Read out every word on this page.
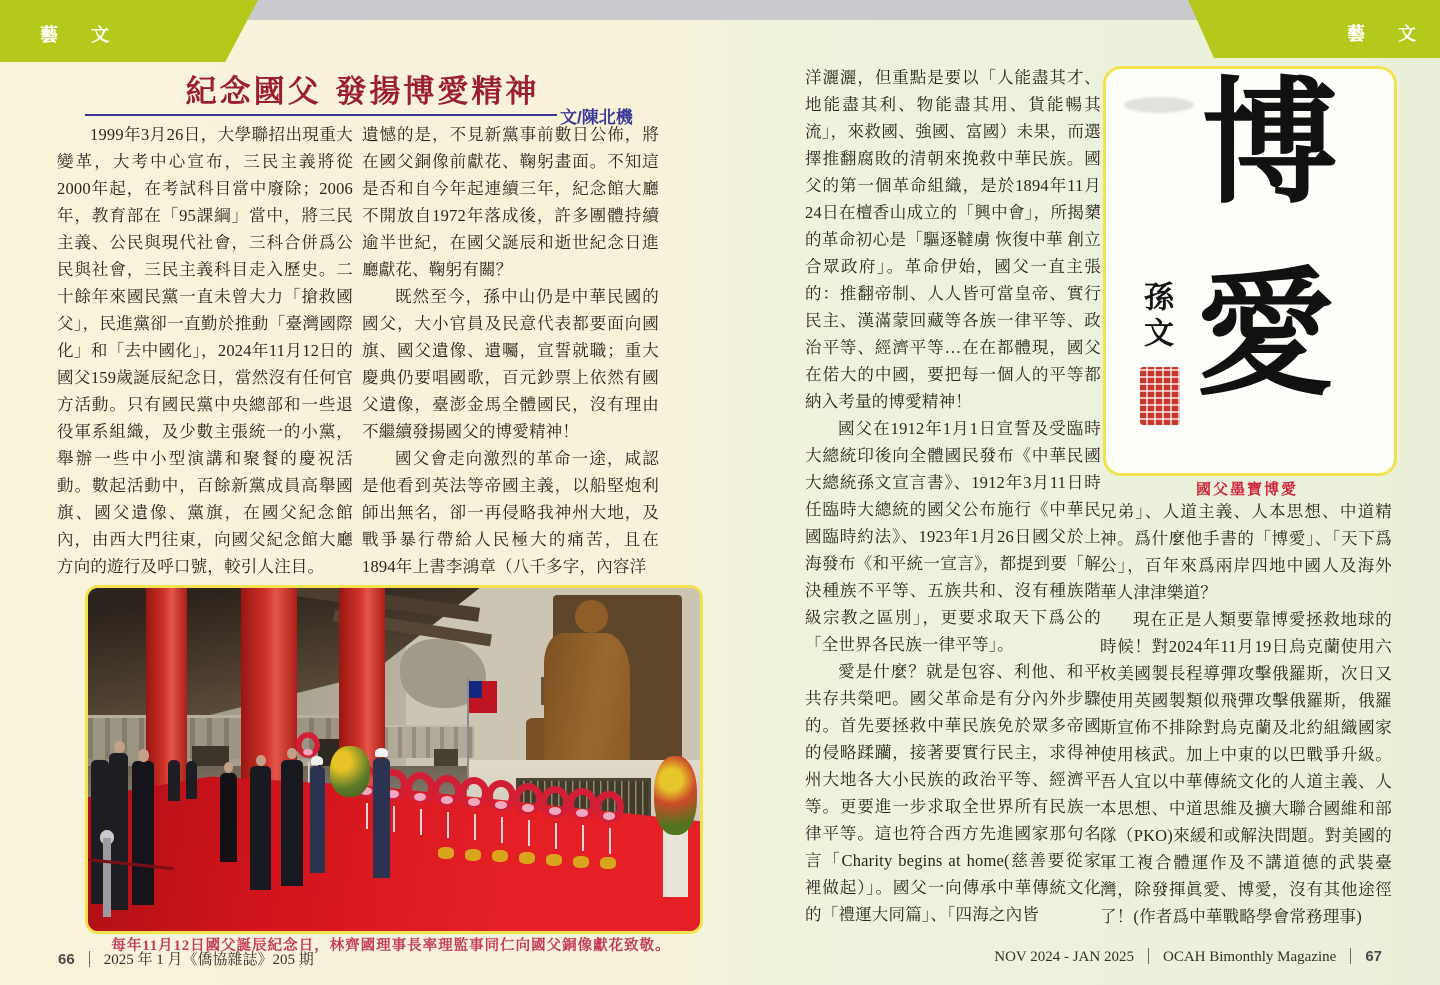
藝 文	藝 文
紀念國父 發揚博愛精神
文/陳北機

1999年3月26日，大學聯招出現重大變革，大考中心宣布，三民主義將從2000年起，在考試科目當中廢除；2006年，教育部在「95課綱」當中，將三民主義、公民與現代社會，三科合併爲公民與社會，三民主義科目走入歷史。二十餘年來國民黨一直未曾大力「搶救國父」，民進黨卻一直勤於推動「臺灣國際化」和「去中國化」，2024年11月12日的國父159歲誕辰紀念日，當然沒有任何官方活動。只有國民黨中央總部和一些退役軍系組織，及少數主張統一的小黨，舉辦一些中小型演講和聚餐的慶祝活動。數起活動中，百餘新黨成員高舉國旗、國父遺像、黨旗，在國父紀念館內，由西大門往東，向國父紀念館大廳方向的遊行及呼口號，較引人注目。

遺憾的是，不見新黨事前數日公佈，將在國父銅像前獻花、鞠躬畫面。不知這是否和自今年起連續三年，紀念館大廳不開放自1972年落成後，許多團體持續逾半世紀，在國父誕辰和逝世紀念日進廳獻花、鞠躬有關？

既然至今，孫中山仍是中華民國的國父，大小官員及民意代表都要面向國旗、國父遺像、遺囑，宣誓就職；重大慶典仍要唱國歌，百元鈔票上依然有國父遺像，臺澎金馬全體國民，沒有理由不繼續發揚國父的博愛精神！

國父會走向激烈的革命一途，咸認是他看到英法等帝國主義，以船堅炮利師出無名，卻一再侵略我神州大地，及戰爭暴行帶給人民極大的痛苦，且在1894年上書李鴻章（八千多字，內容洋

每年11月12日國父誕辰紀念日，林齊國理事長率理監事同仁向國父銅像獻花致敬。
66 2025 年 1 月《僑協雜誌》205 期

洋灑灑，但重點是要以「人能盡其才、地能盡其利、物能盡其用、貨能暢其流」，來救國、強國、富國）未果，而選擇推翻腐敗的清朝來挽救中華民族。國父的第一個革命組織，是於1894年11月24日在檀香山成立的「興中會」，所揭櫫的革命初心是「驅逐韃虜 恢復中華 創立合眾政府」。革命伊始，國父一直主張的：推翻帝制、人人皆可當皇帝、實行民主、漢滿蒙回藏等各族一律平等、政治平等、經濟平等…在在都體現，國父在偌大的中國，要把每一個人的平等都納入考量的博愛精神！

國父在1912年1月1日宣誓及受臨時大總統印後向全體國民發布《中華民國大總統孫文宣言書》、1912年3月11日時任臨時大總統的國父公布施行《中華民國臨時約法》、1923年1月26日國父於上海發布《和平統一宣言》，都提到要「解決種族不平等、五族共和、沒有種族階級宗教之區別」，更要求取天下爲公的「全世界各民族一律平等」。

愛是什麼？就是包容、利他、和平共存共榮吧。國父革命是有分內外步驟的。首先要拯救中華民族免於眾多帝國的侵略蹂躪，接著要實行民主，求得神州大地各大小民族的政治平等、經濟平等。更要進一步求取全世界所有民族一律平等。這也符合西方先進國家那句名言「Charity begins at home(慈善要從家裡做起）」。國父一向傳承中華傳統文化的「禮運大同篇」、「四海之內皆

博
愛
孫文
國父墨寶博愛

兄弟」、人道主義、人本思想、中道精神。爲什麼他手書的「博愛」、「天下爲公」，百年來爲兩岸四地中國人及海外華人津津樂道？

現在正是人類要靠博愛拯救地球的時候！對2024年11月19日烏克蘭使用六枚美國製長程導彈攻擊俄羅斯，次日又使用英國製類似飛彈攻擊俄羅斯，俄羅斯宣佈不排除對烏克蘭及北約組織國家使用核武。加上中東的以巴戰爭升級。吾人宜以中華傳統文化的人道主義、人本思想、中道思維及擴大聯合國維和部隊（PKO)來緩和或解決問題。對美國的軍工複合體運作及不講道德的武裝臺灣，除發揮眞愛、博愛，沒有其他途徑了！(作者爲中華戰略學會常務理事)

NOV 2024 - JAN 2025 OCAH Bimonthly Magazine 67
